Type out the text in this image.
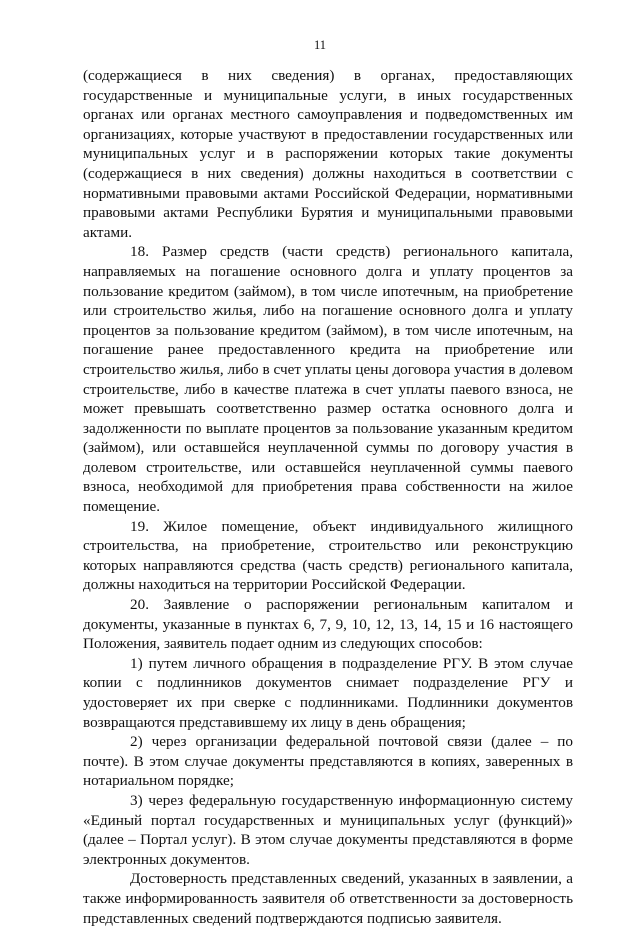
11

(содержащиеся в них сведения) в органах, предоставляющих государственные и муниципальные услуги, в иных государственных органах или органах местного самоуправления и подведомственных им организациях, которые участвуют в предоставлении государственных или муниципальных услуг и в распоряжении которых такие документы (содержащиеся в них сведения) должны находиться в соответствии с нормативными правовыми актами Российской Федерации, нормативными правовыми актами Республики Бурятия и муниципальными правовыми актами.

18. Размер средств (части средств) регионального капитала, направляемых на погашение основного долга и уплату процентов за пользование кредитом (займом), в том числе ипотечным, на приобретение или строительство жилья, либо на погашение основного долга и уплату процентов за пользование кредитом (займом), в том числе ипотечным, на погашение ранее предоставленного кредита на приобретение или строительство жилья, либо в счет уплаты цены договора участия в долевом строительстве, либо в качестве платежа в счет уплаты паевого взноса, не может превышать соответственно размер остатка основного долга и задолженности по выплате процентов за пользование указанным кредитом (займом), или оставшейся неуплаченной суммы по договору участия в долевом строительстве, или оставшейся неуплаченной суммы паевого взноса, необходимой для приобретения права собственности на жилое помещение.

19. Жилое помещение, объект индивидуального жилищного строительства, на приобретение, строительство или реконструкцию которых направляются средства (часть средств) регионального капитала, должны находиться на территории Российской Федерации.

20. Заявление о распоряжении региональным капиталом и документы, указанные в пунктах 6, 7, 9, 10, 12, 13, 14, 15 и 16 настоящего Положения, заявитель подает одним из следующих способов:

1) путем личного обращения в подразделение РГУ. В этом случае копии с подлинников документов снимает подразделение РГУ и удостоверяет их при сверке с подлинниками. Подлинники документов возвращаются представившему их лицу в день обращения;

2) через организации федеральной почтовой связи (далее – по почте). В этом случае документы представляются в копиях, заверенных в нотариальном порядке;

3) через федеральную государственную информационную систему «Единый портал государственных и муниципальных услуг (функций)» (далее – Портал услуг). В этом случае документы представляются в форме электронных документов.

Достоверность представленных сведений, указанных в заявлении, а также информированность заявителя об ответственности за достоверность представленных сведений подтверждаются подписью заявителя.
